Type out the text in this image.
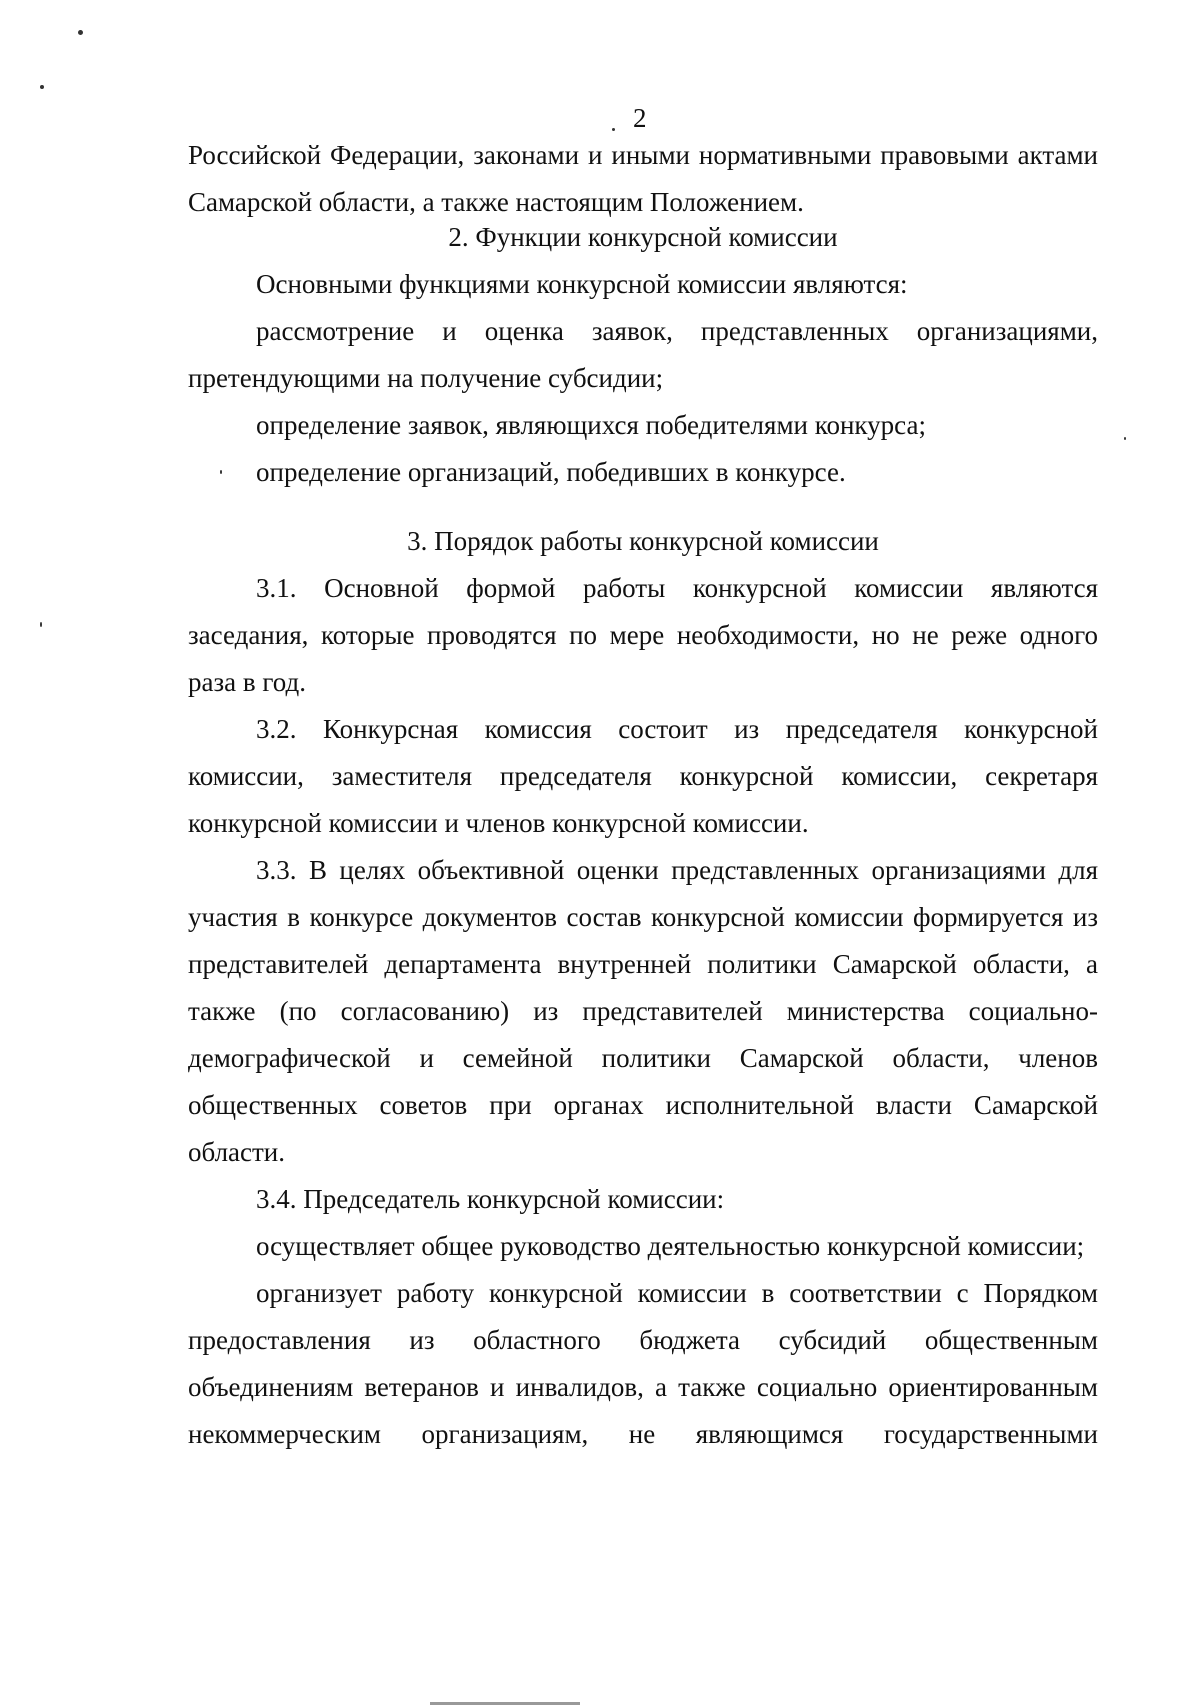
2

Российской Федерации, законами и иными нормативными правовыми актами Самарской области, а также настоящим Положением.

2. Функции конкурсной комиссии

Основными функциями конкурсной комиссии являются:

рассмотрение и оценка заявок, представленных организациями, претендующими на получение субсидии;

определение заявок, являющихся победителями конкурса;

определение организаций, победивших в конкурсе.

3. Порядок работы конкурсной комиссии

3.1. Основной формой работы конкурсной комиссии являются заседания, которые проводятся по мере необходимости, но не реже одного раза в год.

3.2. Конкурсная комиссия состоит из председателя конкурсной комиссии, заместителя председателя конкурсной комиссии, секретаря конкурсной комиссии и членов конкурсной комиссии.

3.3. В целях объективной оценки представленных организациями для участия в конкурсе документов состав конкурсной комиссии формируется из представителей департамента внутренней политики Самарской области, а также (по согласованию) из представителей министерства социально-демографической и семейной политики Самарской области, членов общественных советов при органах исполнительной власти Самарской области.

3.4. Председатель конкурсной комиссии:

осуществляет общее руководство деятельностью конкурсной комиссии;

организует работу конкурсной комиссии в соответствии с Порядком предоставления из областного бюджета субсидий общественным объединениям ветеранов и инвалидов, а также социально ориентированным некоммерческим организациям, не являющимся государственными
